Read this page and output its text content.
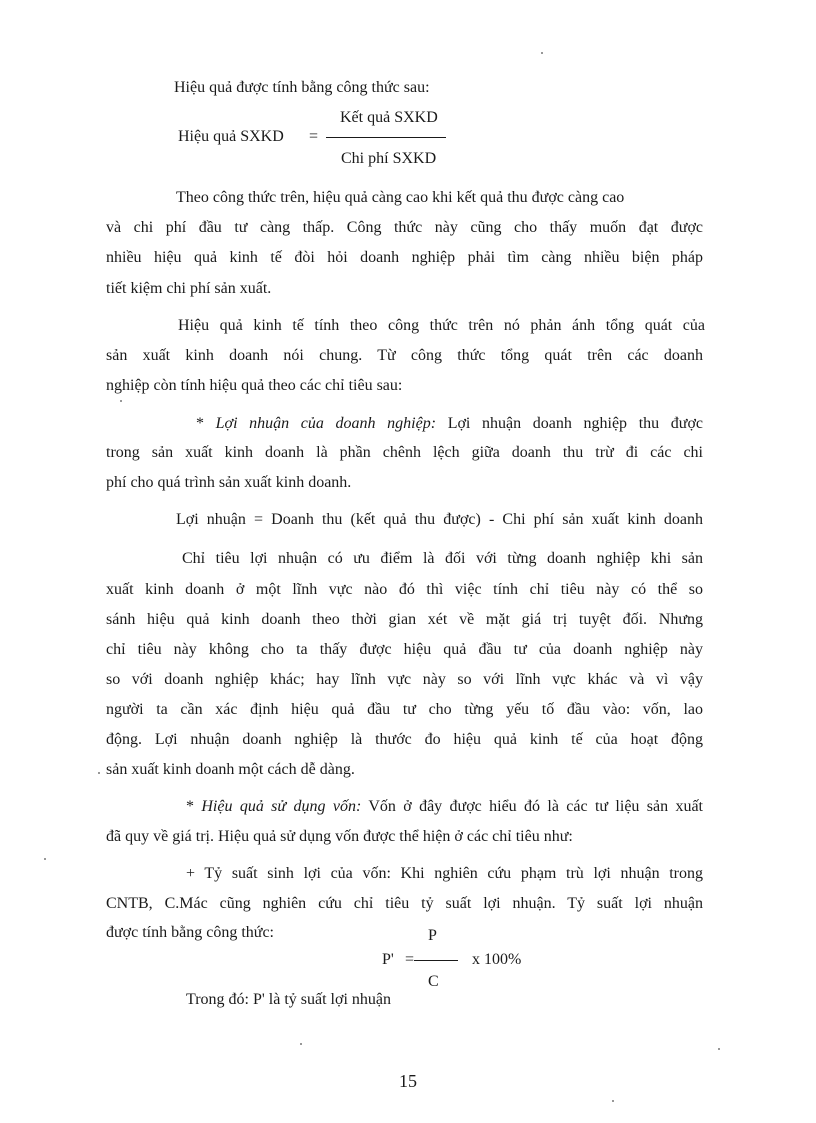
Hiệu quả được tính bằng công thức sau:
Hiệu quả SXKD =
Kết quả SXKD
Chi phí SXKD
Theo công thức trên, hiệu quả càng cao khi kết quả thu được càng cao
và chi phí đầu tư càng thấp. Công thức này cũng cho thấy muốn đạt được
nhiều hiệu quả kinh tế đòi hỏi doanh nghiệp phải tìm càng nhiều biện pháp
tiết kiệm chi phí sản xuất.
Hiệu quả kinh tế tính theo công thức trên nó phản ánh tổng quát của
sản xuất kinh doanh nói chung. Từ công thức tổng quát trên các doanh
nghiệp còn tính hiệu quả theo các chỉ tiêu sau:
* Lợi nhuận của doanh nghiệp: Lợi nhuận doanh nghiệp thu được
trong sản xuất kinh doanh là phần chênh lệch giữa doanh thu trừ đi các chi
phí cho quá trình sản xuất kinh doanh.
Lợi nhuận = Doanh thu (kết quả thu được) - Chi phí sản xuất kinh doanh
Chỉ tiêu lợi nhuận có ưu điểm là đối với từng doanh nghiệp khi sản
xuất kinh doanh ở một lĩnh vực nào đó thì việc tính chỉ tiêu này có thể so
sánh hiệu quả kinh doanh theo thời gian xét về mặt giá trị tuyệt đối. Nhưng
chỉ tiêu này không cho ta thấy được hiệu quả đầu tư của doanh nghiệp này
so với doanh nghiệp khác; hay lĩnh vực này so với lĩnh vực khác và vì vậy
người ta cần xác định hiệu quả đầu tư cho từng yếu tố đầu vào: vốn, lao
động. Lợi nhuận doanh nghiệp là thước đo hiệu quả kinh tế của hoạt động
sản xuất kinh doanh một cách dễ dàng.
* Hiệu quả sử dụng vốn: Vốn ở đây được hiểu đó là các tư liệu sản xuất
đã quy về giá trị. Hiệu quả sử dụng vốn được thể hiện ở các chỉ tiêu như:
+ Tỷ suất sinh lợi của vốn: Khi nghiên cứu phạm trù lợi nhuận trong
CNTB, C.Mác cũng nghiên cứu chỉ tiêu tỷ suất lợi nhuận. Tỷ suất lợi nhuận
được tính bằng công thức:	P
P' =
C
x 100%
Trong đó: P' là tỷ suất lợi nhuận
15
